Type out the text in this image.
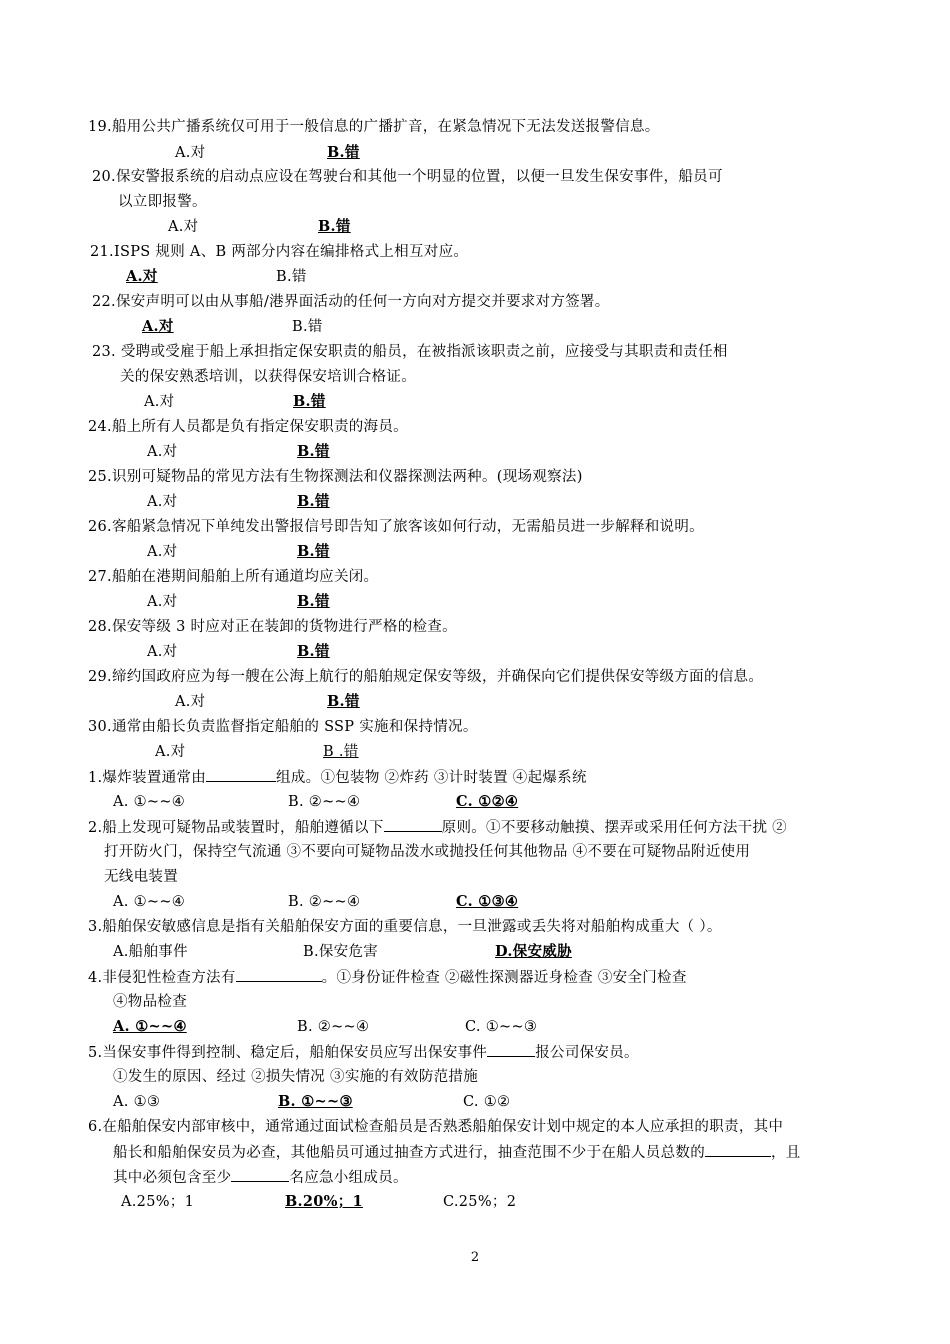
19.船用公共广播系统仅可用于一般信息的广播扩音，在紧急情况下无法发送报警信息。
A.对	B.错
20.保安警报系统的启动点应设在驾驶台和其他一个明显的位置，以便一旦发生保安事件，船员可
以立即报警。
A.对	B.错
21.ISPS 规则 A、B 两部分内容在编排格式上相互对应。
A.对	B.错
22.保安声明可以由从事船/港界面活动的任何一方向对方提交并要求对方签署。
A.对	B.错
23. 受聘或受雇于船上承担指定保安职责的船员，在被指派该职责之前，应接受与其职责和责任相
关的保安熟悉培训，以获得保安培训合格证。
A.对	B.错
24.船上所有人员都是负有指定保安职责的海员。
A.对	B.错
25.识别可疑物品的常见方法有生物探测法和仪器探测法两种。(现场观察法)
A.对	B.错
26.客船紧急情况下单纯发出警报信号即告知了旅客该如何行动，无需船员进一步解释和说明。
A.对	B.错
27.船舶在港期间船舶上所有通道均应关闭。
A.对	B.错
28.保安等级 3 时应对正在装卸的货物进行严格的检查。
A.对	B.错
29.缔约国政府应为每一艘在公海上航行的船舶规定保安等级，并确保向它们提供保安等级方面的信息。
A.对	B.错
30.通常由船长负责监督指定船舶的 SSP 实施和保持情况。
A.对	B .错
1.爆炸装置通常由	组成。①包装物 ②炸药 ③计时装置 ④起爆系统
A. ①~~④	B. ②~~④	C. ①②④
2.船上发现可疑物品或装置时，船舶遵循以下	原则。①不要移动触摸、摆弄或采用任何方法干扰 ②
打开防火门，保持空气流通 ③不要向可疑物品泼水或抛投任何其他物品 ④不要在可疑物品附近使用
无线电装置
A. ①~~④	B. ②~~④	C. ①③④
3.船舶保安敏感信息是指有关船舶保安方面的重要信息，一旦泄露或丢失将对船舶构成重大（ ）。
A.船舶事件	B.保安危害	D.保安威胁
4.非侵犯性检查方法有	。①身份证件检查 ②磁性探测器近身检查 ③安全门检查
④物品检查
A. ①~~④	B. ②~~④	C. ①~~③
5.当保安事件得到控制、稳定后，船舶保安员应写出保安事件	报公司保安员。
①发生的原因、经过 ②损失情况 ③实施的有效防范措施
A. ①③	B. ①~~③	C. ①②
6.在船舶保安内部审核中，通常通过面试检查船员是否熟悉船舶保安计划中规定的本人应承担的职责，其中
船长和船舶保安员为必查，其他船员可通过抽查方式进行，抽查范围不少于在船人员总数的	，且
其中必须包含至少	名应急小组成员。
A.25%；1	B.20%；1	C.25%；2
2
